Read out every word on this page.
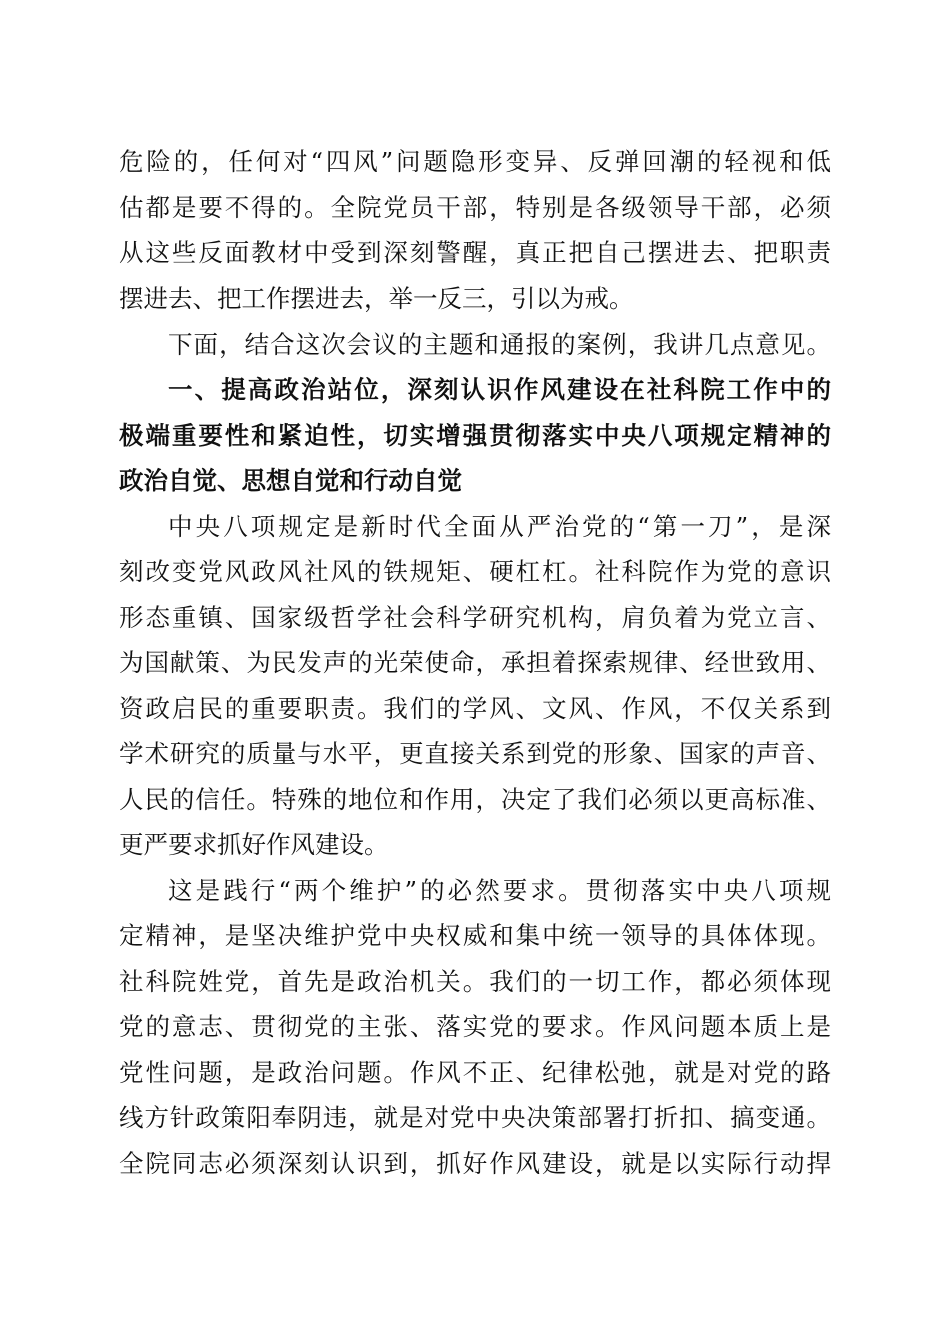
危险的，任何对“四风”问题隐形变异、反弹回潮的轻视和低
估都是要不得的。全院党员干部，特别是各级领导干部，必须
从这些反面教材中受到深刻警醒，真正把自己摆进去、把职责
摆进去、把工作摆进去，举一反三，引以为戒。
下面，结合这次会议的主题和通报的案例，我讲几点意见。
一、提高政治站位，深刻认识作风建设在社科院工作中的
极端重要性和紧迫性，切实增强贯彻落实中央八项规定精神的
政治自觉、思想自觉和行动自觉
中央八项规定是新时代全面从严治党的“第一刀”，是深
刻改变党风政风社风的铁规矩、硬杠杠。社科院作为党的意识
形态重镇、国家级哲学社会科学研究机构，肩负着为党立言、
为国献策、为民发声的光荣使命，承担着探索规律、经世致用、
资政启民的重要职责。我们的学风、文风、作风，不仅关系到
学术研究的质量与水平，更直接关系到党的形象、国家的声音、
人民的信任。特殊的地位和作用，决定了我们必须以更高标准、
更严要求抓好作风建设。
这是践行“两个维护”的必然要求。贯彻落实中央八项规
定精神，是坚决维护党中央权威和集中统一领导的具体体现。
社科院姓党，首先是政治机关。我们的一切工作，都必须体现
党的意志、贯彻党的主张、落实党的要求。作风问题本质上是
党性问题，是政治问题。作风不正、纪律松弛，就是对党的路
线方针政策阳奉阴违，就是对党中央决策部署打折扣、搞变通。
全院同志必须深刻认识到，抓好作风建设，就是以实际行动捍
